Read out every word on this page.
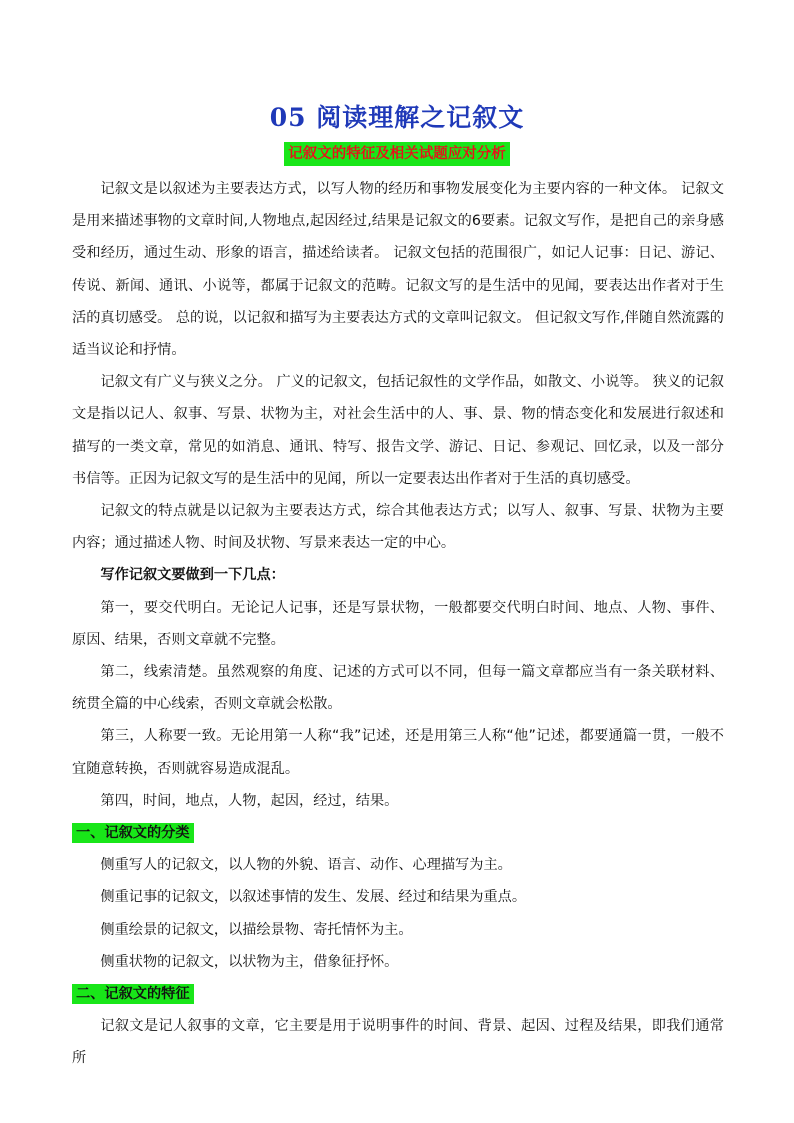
05 阅读理解之记叙文
记叙文的特征及相关试题应对分析

记叙文是以叙述为主要表达方式，以写人物的经历和事物发展变化为主要内容的一种文体。 记叙文是用来描述事物的文章时间,人物地点,起因经过,结果是记叙文的6要素。记叙文写作，是把自己的亲身感受和经历，通过生动、形象的语言，描述给读者。 记叙文包括的范围很广，如记人记事：日记、游记、传说、新闻、通讯、小说等，都属于记叙文的范畴。记叙文写的是生活中的见闻，要表达出作者对于生活的真切感受。 总的说，以记叙和描写为主要表达方式的文章叫记叙文。 但记叙文写作,伴随自然流露的适当议论和抒情。

记叙文有广义与狭义之分。 广义的记叙文，包括记叙性的文学作品，如散文、小说等。 狭义的记叙文是指以记人、叙事、写景、状物为主，对社会生活中的人、事、景、物的情态变化和发展进行叙述和描写的一类文章，常见的如消息、通讯、特写、报告文学、游记、日记、参观记、回忆录，以及一部分书信等。正因为记叙文写的是生活中的见闻，所以一定要表达出作者对于生活的真切感受。

记叙文的特点就是以记叙为主要表达方式，综合其他表达方式；以写人、叙事、写景、状物为主要内容；通过描述人物、时间及状物、写景来表达一定的中心。

写作记叙文要做到一下几点：

第一，要交代明白。无论记人记事，还是写景状物，一般都要交代明白时间、地点、人物、事件、原因、结果，否则文章就不完整。

第二，线索清楚。虽然观察的角度、记述的方式可以不同，但每一篇文章都应当有一条关联材料、统贯全篇的中心线索，否则文章就会松散。

第三，人称要一致。无论用第一人称“我”记述，还是用第三人称“他”记述，都要通篇一贯，一般不宜随意转换，否则就容易造成混乱。

第四，时间，地点，人物，起因，经过，结果。

一、记叙文的分类

侧重写人的记叙文，以人物的外貌、语言、动作、心理描写为主。

侧重记事的记叙文，以叙述事情的发生、发展、经过和结果为重点。

侧重绘景的记叙文，以描绘景物、寄托情怀为主。

侧重状物的记叙文，以状物为主，借象征抒怀。

二、记叙文的特征

记叙文是记人叙事的文章，它主要是用于说明事件的时间、背景、起因、过程及结果，即我们通常所
